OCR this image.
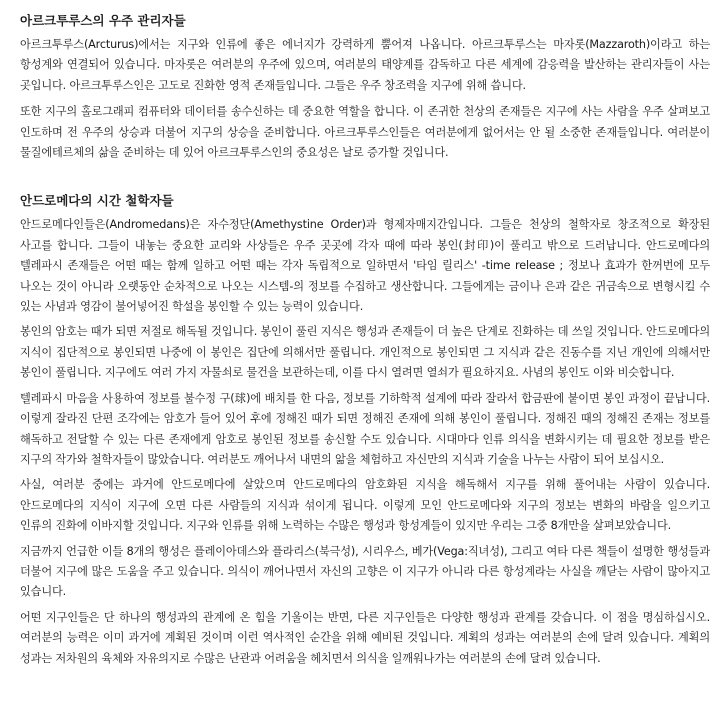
아르크투루스의 우주 관리자들

아르크투루스(Arcturus)에서는 지구와 인류에 좋은 에너지가 강력하게 뿜어져 나옵니다. 아르크투루스는 마자롯(Mazzaroth)이라고 하는 항성계와 연결되어 있습니다. 마자롯은 여러분의 우주에 있으며, 여러분의 태양계를 감독하고 다른 세계에 감응력을 발산하는 관리자들이 사는 곳입니다. 아르크투루스인은 고도로 진화한 영적 존재들입니다. 그들은 우주 창조력을 지구에 위해 씁니다.

또한 지구의 홀로그래피 컴퓨터와 데이터를 송수신하는 데 중요한 역할을 합니다. 이 존귀한 천상의 존재들은 지구에 사는 사람을 우주 살펴보고 인도하며 전 우주의 상승과 더불어 지구의 상승을 준비합니다. 아르크투루스인들은 여러분에게 없어서는 안 될 소중한 존재들입니다. 여러분이 물질에테르체의 삶을 준비하는 데 있어 아르크투루스인의 중요성은 날로 증가할 것입니다.

안드로메다의 시간 철학자들

안드로메다인들은(Andromedans)은 자수정단(Amethystine Order)과 형제자매지간입니다. 그들은 천상의 철학자로 창조적으로 확장된 사고를 합니다. 그들이 내놓는 중요한 교리와 사상들은 우주 곳곳에 각자 때에 따라 봉인(封印)이 풀리고 밖으로 드러납니다. 안드로메다의 텔레파시 존재들은 어떤 때는 함께 일하고 어떤 때는 각자 독립적으로 일하면서 '타임 릴리스' -time release ; 정보나 효과가 한꺼번에 모두 나오는 것이 아니라 오랫동안 순차적으로 나오는 시스템-의 정보를 수집하고 생산합니다. 그들에게는 금이나 은과 같은 귀금속으로 변형시킬 수 있는 사념과 영감이 불어넣어진 학설을 봉인할 수 있는 능력이 있습니다.

봉인의 암호는 때가 되면 저절로 해독될 것입니다. 봉인이 풀린 지식은 행성과 존재들이 더 높은 단계로 진화하는 데 쓰일 것입니다. 안드로메다의 지식이 집단적으로 봉인되면 나중에 이 봉인은 집단에 의해서만 풀립니다. 개인적으로 봉인되면 그 지식과 같은 진동수를 지닌 개인에 의해서만 봉인이 풀립니다. 지구에도 여러 가지 자물쇠로 물건을 보관하는데, 이를 다시 열려면 열쇠가 필요하지요. 사념의 봉인도 이와 비슷합니다.

텔레파시 마음을 사용하여 정보를 불수정 구(球)에 배치를 한 다음, 정보를 기하학적 설계에 따라 잘라서 합금판에 붙이면 봉인 과정이 끝납니다. 이렇게 잘라진 단편 조각에는 암호가 들어 있어 후에 정해진 때가 되면 정해진 존재에 의해 봉인이 풀립니다. 정해진 때의 정해진 존재는 정보를 해독하고 전달할 수 있는 다른 존재에게 암호로 봉인된 정보를 송신할 수도 있습니다. 시대마다 인류 의식을 변화시키는 데 필요한 정보를 받은 지구의 작가와 철학자들이 많았습니다. 여러분도 깨어나서 내면의 앎을 체험하고 자신만의 지식과 기술을 나누는 사람이 되어 보십시오.

사실, 여러분 중에는 과거에 안드로메다에 살았으며 안드로메다의 암호화된 지식을 해독해서 지구를 위해 풀어내는 사람이 있습니다. 안드로메다의 지식이 지구에 오면 다른 사람들의 지식과 섞이게 됩니다. 이렇게 모인 안드로메다와 지구의 정보는 변화의 바람을 일으키고 인류의 진화에 이바지할 것입니다. 지구와 인류를 위해 노력하는 수많은 행성과 항성계들이 있지만 우리는 그중 8개만을 살펴보았습니다.

지금까지 언급한 이들 8개의 행성은 플레이아데스와 플라리스(북극성), 시리우스, 베가(Vega:직녀성), 그리고 여타 다른 책들이 설명한 행성들과 더불어 지구에 많은 도움을 주고 있습니다. 의식이 깨어나면서 자신의 고향은 이 지구가 아니라 다른 항성계라는 사실을 깨닫는 사람이 많아지고 있습니다.

어떤 지구인들은 단 하나의 행성과의 관계에 온 힘을 기울이는 반면, 다른 지구인들은 다양한 행성과 관계를 갖습니다. 이 점을 명심하십시오. 여러분의 능력은 이미 과거에 계획된 것이며 이런 역사적인 순간을 위해 예비된 것입니다. 계획의 성과는 여러분의 손에 달려 있습니다. 계획의 성과는 저차원의 육체와 자유의지로 수많은 난관과 어려움을 헤치면서 의식을 일깨워나가는 여러분의 손에 달려 있습니다.
